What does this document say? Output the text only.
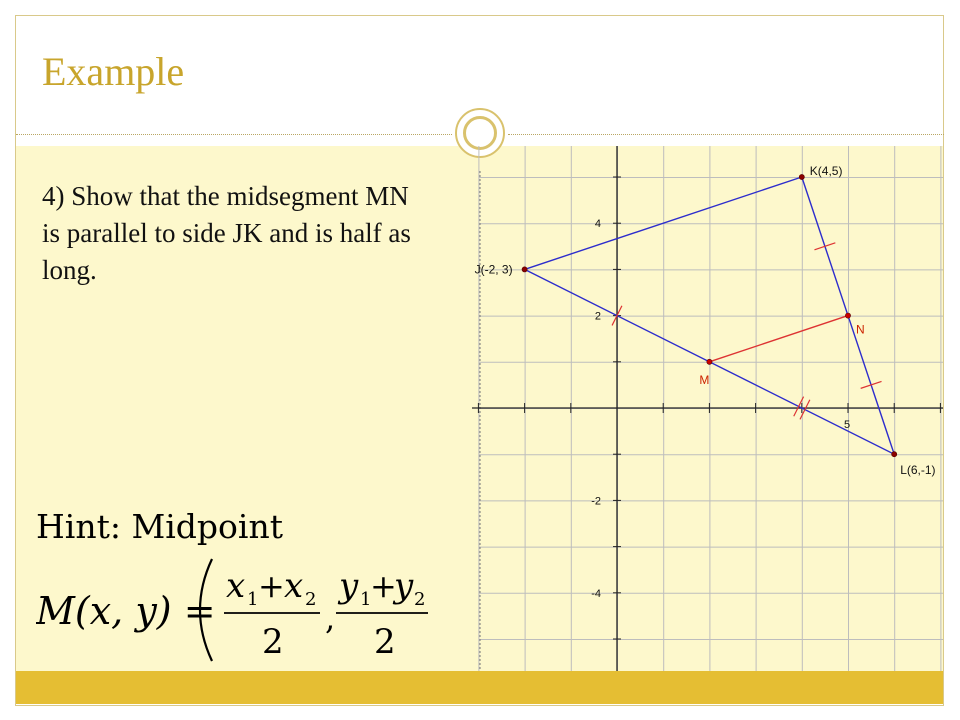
Example
4) Show that the midsegment MN is parallel to side JK and is half as long.
Hint: Midpoint
M(x, y) =
x 1 + x 2
2
,
y 1
+
y 2
2
5
4
2
-2
-4
J(-2, 3)
K(4,5)
L(6,-1)
M
N
